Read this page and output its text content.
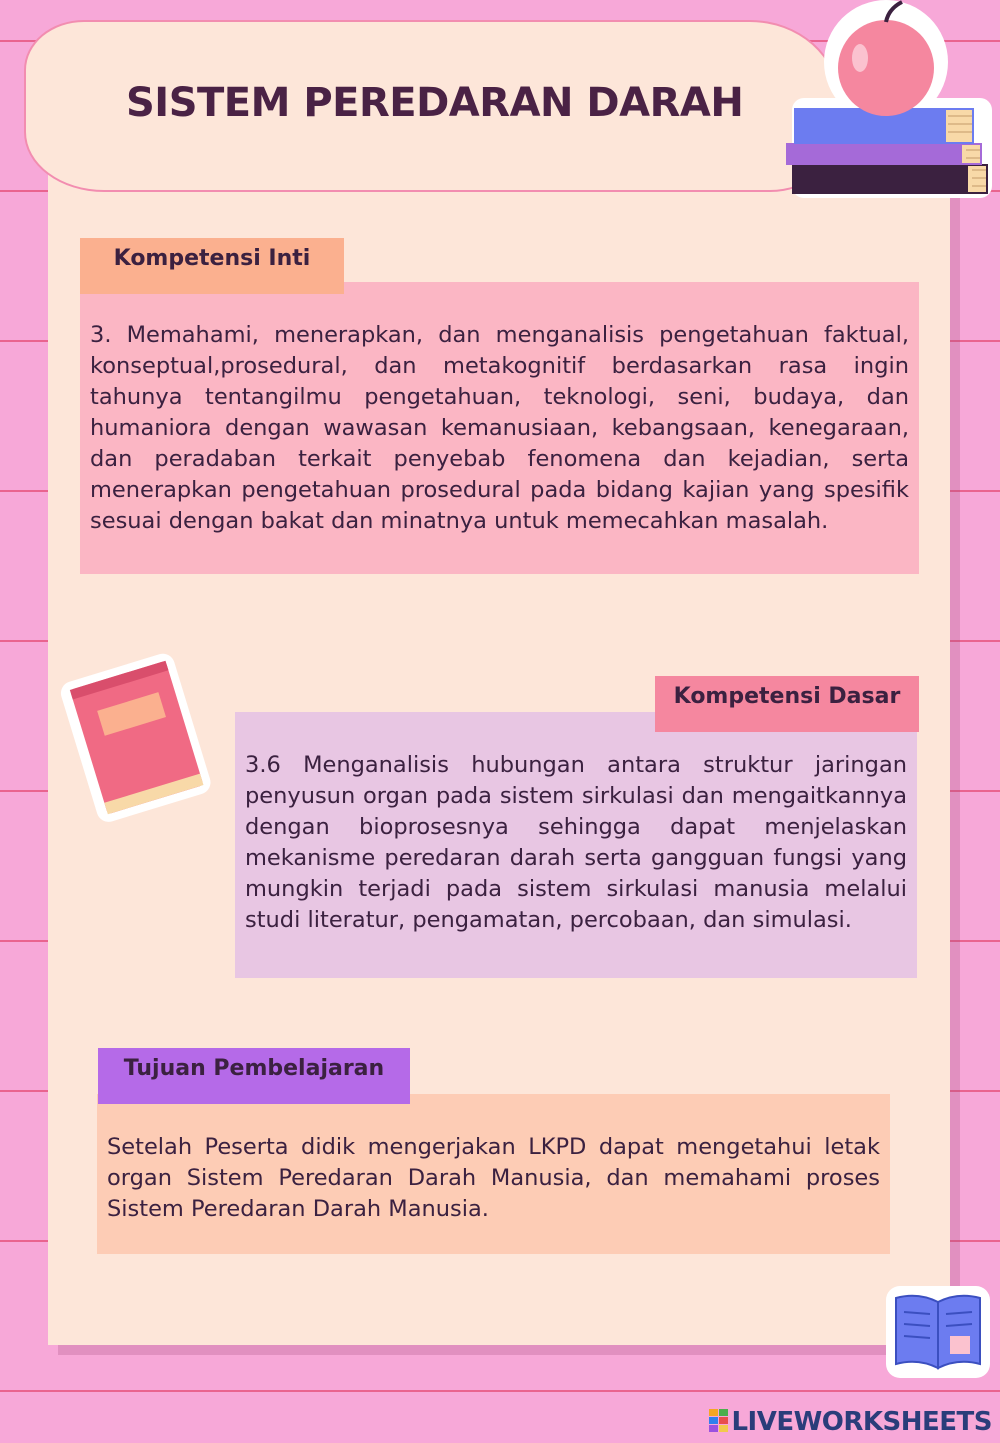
SISTEM PEREDARAN DARAH

3. Memahami, menerapkan, dan menganalisis pengetahuan faktual, konseptual,prosedural, dan metakognitif berdasarkan rasa ingin tahunya tentangilmu pengetahuan, teknologi, seni, budaya, dan humaniora dengan wawasan kemanusiaan, kebangsaan, kenegaraan, dan peradaban terkait penyebab fenomena dan kejadian, serta menerapkan pengetahuan prosedural pada bidang kajian yang spesifik sesuai dengan bakat dan minatnya untuk memecahkan masalah.

Kompetensi Inti

3.6 Menganalisis hubungan antara struktur jaringan penyusun organ pada sistem sirkulasi dan mengaitkannya dengan bioprosesnya sehingga dapat menjelaskan mekanisme peredaran darah serta gangguan fungsi yang mungkin terjadi pada sistem sirkulasi manusia melalui studi literatur, pengamatan, percobaan, dan simulasi.

Kompetensi Dasar

Setelah Peserta didik mengerjakan LKPD dapat mengetahui letak organ Sistem Peredaran Darah Manusia, dan memahami proses Sistem Peredaran Darah Manusia.

Tujuan Pembelajaran
LIVEWORKSHEETS
